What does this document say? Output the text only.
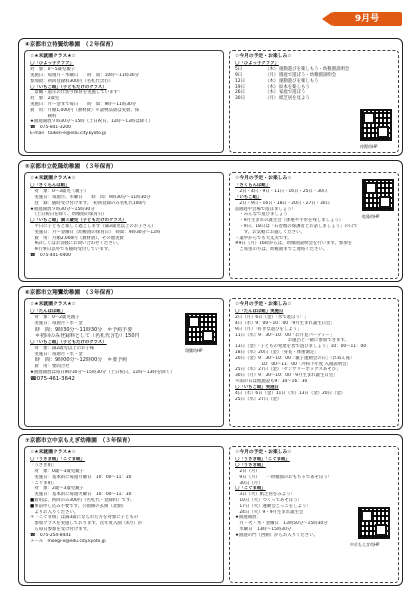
9月号
④京都市立待賢幼稚園　（２年保育）
☆★未就園クラス★☆
〇「ひよっ子クラブ」
対　象：0～5歳児親子
実施日：毎週月・木曜日　　時　間：10時～11時30分
参加費：初回登録料300円（名札代含む）
〇「いちご組」（子どもだけのクラス）
　景観・道示の仕切り保育を実施しています！
対　象：2歳児
実施日：月～金まで毎日　　時　間：9時～11時30分
費　用：月額1,000円（教材費）＊諸物品費は実費、保
　　　　険料
★園庭開放９時30分～15時（土日祝日、12時～13時は除く）
☎　075-841-3200
E-mail　taiken-e@edu.city.kyoto.jp
☆今月の予定・お楽しみ☆
〇「ひよっ子クラブ」
5日	（木） 運動遊びを楽しもう・幼稚園説明会
9日	（月） 園庭で遊ぼう・幼稚園説明会
12日	（木） 運動遊びを楽しもう
19日	（木） 絵本を楽しもう
26日	（木） 家庭で遊ぼう
30日	（月） 紙芝居を見よう
待賢幼HP
⑤京都市立乾隆幼稚園　（３年保育）
☆★未就園クラス★☆
〇「さくらんぼ組」
　対　象：0～3歳児（親子）
　実施日：毎週月、水曜日　　時　間：9時30分～11時30分
　登　録：随時受け付けます。　初回登録のみ名札代100円
★園庭開放９時30分～15時30分
　（土日祝日を除く、幼稚園の保育日）
〇「いちご組」満３歳児（子どもだけのクラス）
　平日に子どもと楽しく過ごします（満3歳児以上のお子さん）
　実施日：月～金曜日（幼稚園の保育日）　時間：9時30分～12時
　費　用：月額2,000円（教材費）、その他実費
　※詳しくはお気軽にお問い合わせください。
　※行事日以外でも随時受付しています。
☎　075-441-0400
☆今月の予定・お楽しみ☆
「さくらんぼ組」
　2日・4日・9日・11日・16日・25日・30日
「いちご組」
　2日・9日・16日・18日・20日・27日・30日
◎園庭や会場で遊ぼましょう！
　・みんなで遊びましょう
　・9月生まれの誕生会（体重や手形を残しましょう）
　・9日、18日は「石巻地の保護者とお話しましょう」の日で
　　す。お気軽にお越しください。
・遠中からでも大丈夫です。
※9日（月）16時からは、幼稚園説明会を行います。参加を
　ご希望の方は、幼稚園までご連絡ください。
乾隆幼HP
⑥京都市立翔鸞幼稚園　（３年保育）
☆★未就園クラス★☆
〇「たんぽぽ組」
　対　象：0～2歳児親子
　実施日：毎週月・水・金
　時　間：9時30分～11時30分　＊予約不要
　＊初回のみ登録料として（名札代含む）150円
〇「いちご組」（子どもだけのクラス）
　対　象：満2歳児以上のお子様
　実施日：毎週月・水・金
　時　間：9時00分～12時00分　＊要予約
　費　用：要問合せ
★園庭開放は毎日9時30分～15時30分（土日祝日、12時～13時を除く）
☎075-461-3642
翔鸞幼HP
☆今月の予定・お楽しみ☆
〇「たんぽぽ組」実施日
2日（月）6日（金）「水で遊ぼう！」
4日（水）9：00～10：00「9月生まれ誕生日会」
9日（月）「好きな遊びをしよう」
11日（水）9：30～10：00「お月見パーティー」
　　　　　　　　　　　　お風呂と一緒に参加できます。
13日（金）「子どもの発達を皆で遊びましょう」10：00～11：00
18日（水）20日（金）「身長・体重測定」
20日（金）9：30～10：00「親子運動会の日」〈れぬん座〉
　　　　　　10：00～11：00「冷和下年度 入園説明会」
25日（水）27日（金）「センサリーボックスあそび」
30日（月）9：30～10：00「9月生まれ誕生日会」
＊雨の日は他施設も9：30～16：30
〇「いちご組」実施日
4日（水）6日（金）11日（水）13日（金）20日（金）
25日（水）27日（金）
⑦京都市立中京もえぎ幼稚園　（３年保育）
☆★未就園クラス★☆
〇「うさぎ組」「こぐま組」
「うさぎ組」
　対　象：0歳～3歳児親子
　実施日：基本的に毎週月曜日　10：00～11：30
「こぐま組」
　対　象：2歳～3歳児親子
　実施日：基本的に毎週火曜日　10：00～11：30
■費用は、初回のみ300円（名札代・登録料）です。
■事前申し込み不要です。公園側の玄関（北側）
　よりお入りください。
＊「こぐま組」は満3歳になられた方を対象に子どもの
　参加クラスを実施しております。次年度入園（4月）か
　ら毎日参加を受け付けます。
☎　075-254-8441
メール　moegi-e@edu.city.kyoto.jp
☆今月の予定・お楽しみ☆
〇「うさぎ組」「こぐま組」
〇「うさぎ組」
　2日（月）
　9日（月）　　一幼稚園のおもちゃであそぼう！
　30日（月）
〇「こぐま組」
　3日（火）紙芝居をみよう！
　10日（火）つくってあそぼう！
　17日（火）運動会ごっこをしよう！
　24日（火）9・9月生まれ誕生会
★園庭開放：
　月・火・木・金曜日　13時50分～15時30分
　水曜日　13時～15時30分
★園庭の門（西側）からお入りください。
中京もえぎ幼HP
